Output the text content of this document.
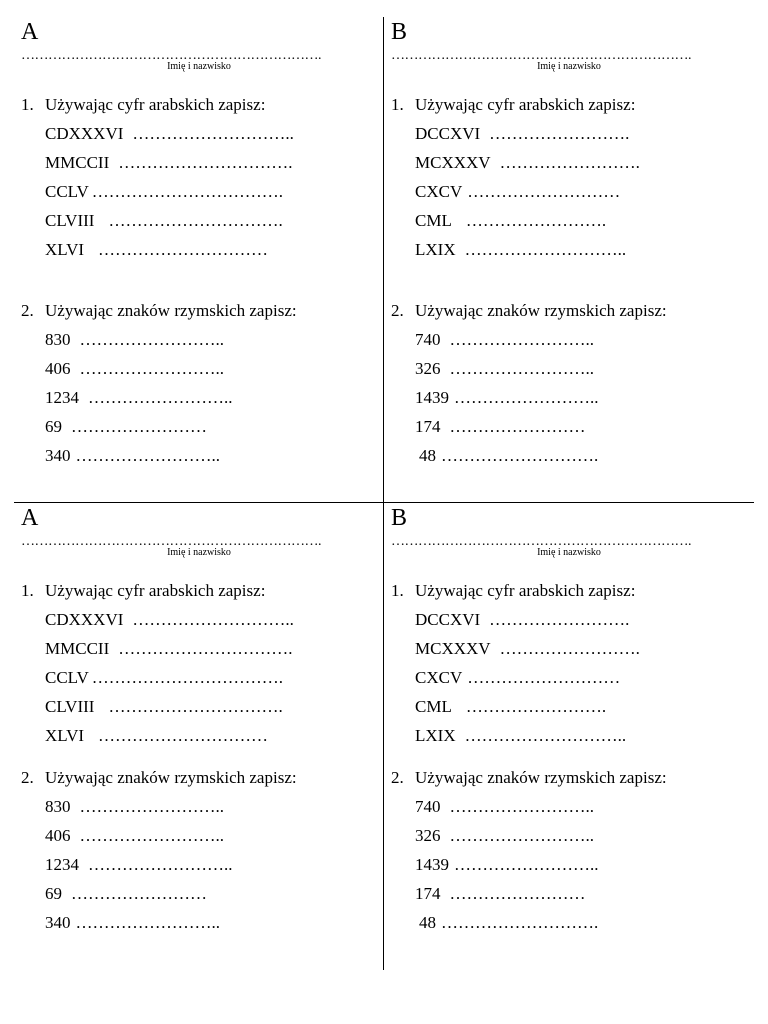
A
………………………………………………………….
Imię i nazwisko
1. Używając cyfr arabskich zapisz:
CDXXXVI ………………………..
MMCCII ………………………….
CCLV …………………………….
CLVIII ………………………….
XLVI …………………………
2. Używając znaków rzymskich zapisz:
830 ……………………..
406 ……………………..
1234 ……………………..
69 ……………………
340 ……………………..
B
………………………………………………………….
Imię i nazwisko
1. Używając cyfr arabskich zapisz:
DCCXVI …………………….
MCXXXV …………………….
CXCV ………………………
CML …………………….
LXIX ………………………..
2. Używając znaków rzymskich zapisz:
740 ……………………..
326 ……………………..
1439 ……………………..
174 ……………………
48 ……………………….
A
………………………………………………………….
Imię i nazwisko
1. Używając cyfr arabskich zapisz:
CDXXXVI ………………………..
MMCCII ………………………….
CCLV …………………………….
CLVIII ………………………….
XLVI …………………………
2. Używając znaków rzymskich zapisz:
830 ……………………..
406 ……………………..
1234 ……………………..
69 ……………………
340 ……………………..
B
………………………………………………………….
Imię i nazwisko
1. Używając cyfr arabskich zapisz:
DCCXVI …………………….
MCXXXV …………………….
CXCV ………………………
CML …………………….
LXIX ………………………..
2. Używając znaków rzymskich zapisz:
740 ……………………..
326 ……………………..
1439 ……………………..
174 ……………………
48 ……………………….
